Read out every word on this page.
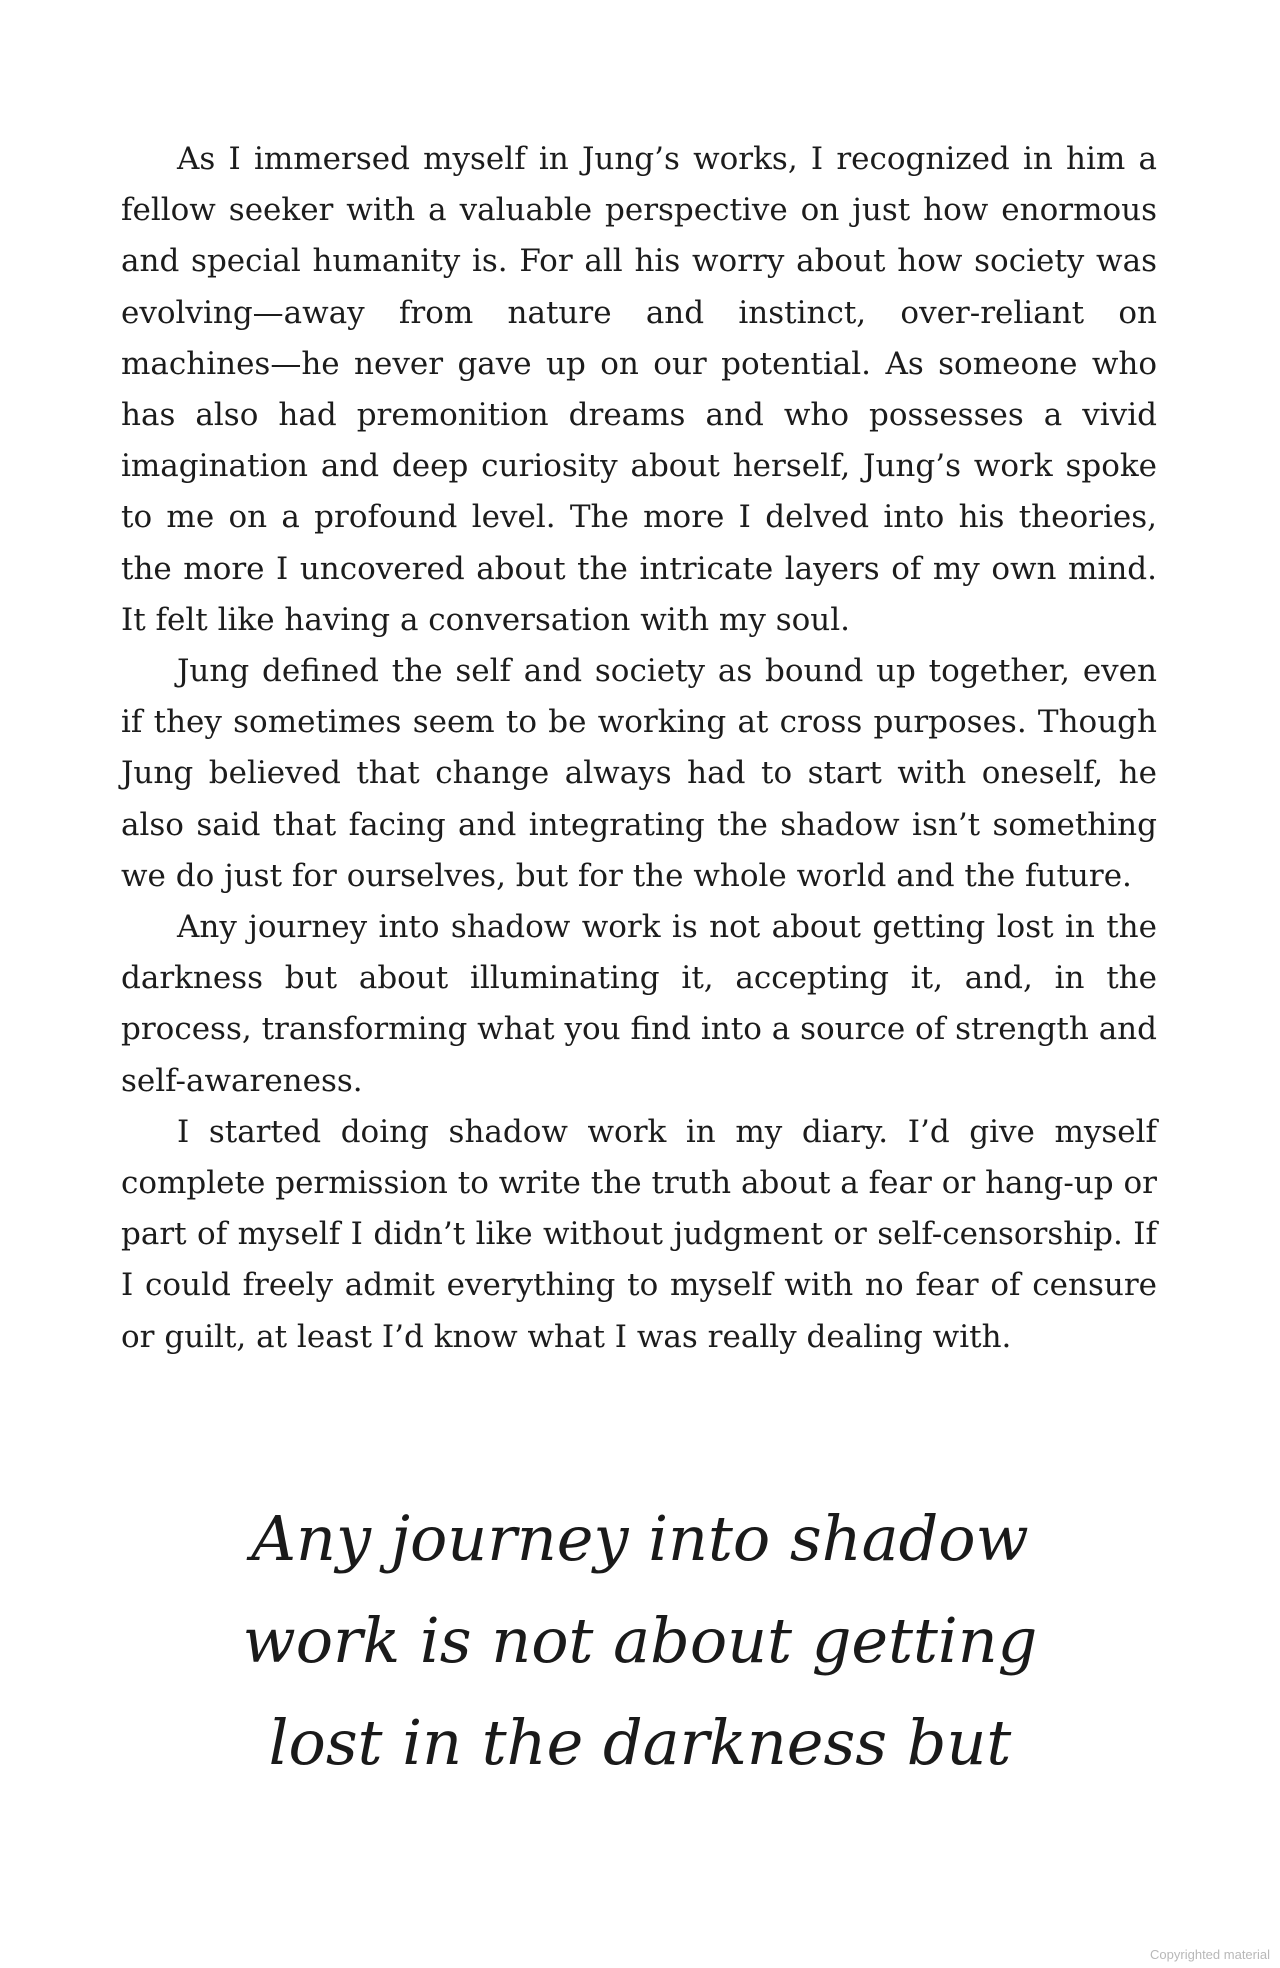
As I immersed myself in Jung’s works, I recognized in him a fellow seeker with a valuable perspective on just how enormous and special humanity is. For all his worry about how society was evolving—away from nature and instinct, over-reliant on machines—he never gave up on our potential. As someone who has also had premonition dreams and who possesses a vivid imagination and deep curiosity about herself, Jung’s work spoke to me on a profound level. The more I delved into his theories, the more I uncovered about the intricate layers of my own mind. It felt like having a conversation with my soul.

Jung defined the self and society as bound up together, even if they sometimes seem to be working at cross purposes. Though Jung believed that change always had to start with oneself, he also said that facing and integrating the shadow isn’t something we do just for ourselves, but for the whole world and the future.

Any journey into shadow work is not about getting lost in the darkness but about illuminating it, accepting it, and, in the process, transforming what you find into a source of strength and self-awareness.

I started doing shadow work in my diary. I’d give myself complete permission to write the truth about a fear or hang-up or part of myself I didn’t like without judgment or self-censorship. If I could freely admit everything to myself with no fear of censure or guilt, at least I’d know what I was really dealing with.

Any journey into shadow
work is not about getting
lost in the darkness but

Copyrighted material
